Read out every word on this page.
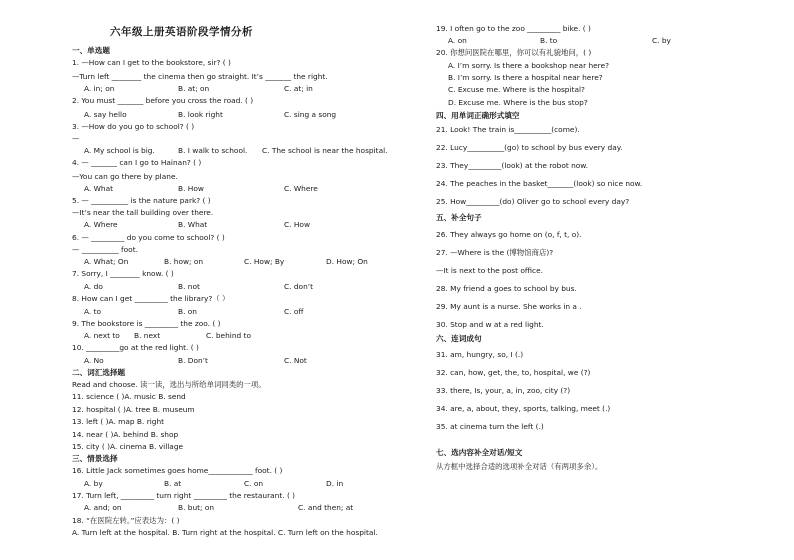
六年级上册英语阶段学情分析
一、单选题
1. —How can I get to the bookstore, sir? ( )
—Turn left ________ the cinema then go straight. It’s _______ the right.
A. in; on	B. at; on	C. at; in
2. You must _______ before you cross the road. ( )
A. say hello	B. look right	C. sing a song
3. —How do you go to school? ( )
—
A. My school is big.	B. I walk to school. C. The school is near the hospital.
4. — _______ can I go to Hainan? ( )
—You can go there by plane.
A. What	B. How	C. Where
5. — __________ is the nature park? ( )
—It’s near the tall building over there.
A. Where	B. What	C. How
6. — _________ do you come to school? ( )
— __________ foot.
A. What; On	B. how; on	C. How; By	D. How; On
7. Sorry, I ________ know. ( )
A. do	B. not	C. don’t
8. How can I get _________ the library?（ ）
A. to	B. on	C. off
9. The bookstore is _________ the zoo. ( )
A. next to B. next	C. behind to
10. _________go at the red light. ( )
A. No	B. Don’t	C. Not
二、词汇选择题
Read and choose. 读一读，选出与所给单词同类的一项。
11. science ( )A. music B. send
12. hospital ( )A. tree B. museum
13. left ( )A. map B. right
14. near ( )A. behind B. shop
15. city ( )A. cinema B. village
三、情景选择
16. Little Jack sometimes goes home____________ foot. ( )
A. by	B. at	C. on	D. in
17. Turn left, _________ turn right _________ the restaurant. ( )
A. and; on	B. but; on	C. and then; at
18. “在医院左转。”应表达为：( )
A. Turn left at the hospital. B. Turn right at the hospital. C. Turn left on the hospital.
19. I often go to the zoo _________ bike. ( )
A. on	B. to	C. by
20. 你想问医院在哪里，你可以有礼貌地问，( )
A. I’m sorry. Is there a bookshop near here?
B. I’m sorry. Is there a hospital near here?
C. Excuse me. Where is the hospital?
D. Excuse me. Where is the bus stop?
四、用单词正确形式填空
21. Look! The train is__________(come).
22. Lucy__________(go) to school by bus every day.
23. They_________(look) at the robot now.
24. The peaches in the basket_______(look) so nice now.
25. How_________(do) Oliver go to school every day?
五、补全句子
26. They always go home on (o, f, t, o).
27. —Where is the (博物馆商店)?
—It is next to the post office.
28. My friend a goes to school by bus.
29. My aunt is a nurse. She works in a .
30. Stop and w at a red light.
六、连词成句
31. am, hungry, so, I (.)
32. can, how, get, the, to, hospital, we (?)
33. there, Is, your, a, in, zoo, city (?)
34. are, a, about, they, sports, talking, meet (.)
35. at cinema turn the left (.)
七、选内容补全对话/短文
从方框中选择合适的选项补全对话（有两项多余）。
